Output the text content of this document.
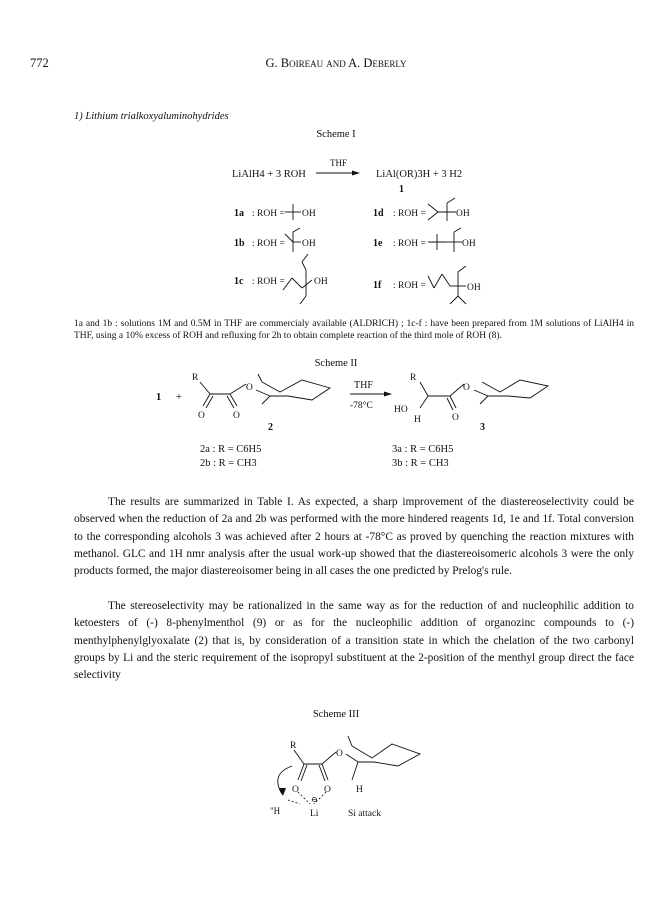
772	G. Boireau and A. Deberly
1) Lithium trialkoxyaluminohydrides
Scheme I
LiAlH4 + 3 ROH
THF
LiAl(OR)3H + 3 H2
1
1a : ROH = OH	1d : ROH =	OH
1b : ROH = OH	1e : ROH =	OH
1c : ROH =	OH	1f : ROH =	OH
1a and 1b : solutions 1M and 0.5M in THF are commercialy available (ALDRICH) ; 1c-f : have been prepared from 1M solutions of LiAlH4 in THF, using a 10% excess of ROH and refluxing for 2h to obtain complete reaction of the third mole of ROH (8).
Scheme II
1 +
R
O
O	O
2
THF
-78°C
R
O
HO
H	O
3
2a : R = C6H5
2b : R = CH3
3a : R = C6H5
3b : R = CH3
The results are summarized in Table I. As expected, a sharp improvement of the diastereoselectivity could be observed when the reduction of 2a and 2b was performed with the more hindered reagents 1d, 1e and 1f. Total conversion to the corresponding alcohols 3 was achieved after 2 hours at -78°C as proved by quenching the reaction mixtures with methanol. GLC and 1H nmr analysis after the usual work-up showed that the diastereoisomeric alcohols 3 were the only products formed, the major diastereoisomer being in all cases the one predicted by Prelog's rule.
The stereoselectivity may be rationalized in the same way as for the reduction of and nucleophilic addition to ketoesters of (-) 8-phenylmenthol (9) or as for the nucleophilic addition of organozinc compounds to (-) menthylphenylglyoxalate (2) that is, by consideration of a transition state in which the chelation of the two carbonyl groups by Li and the steric requirement of the isopropyl substituent at the 2-position of the menthyl group direct the face selectivity
Scheme III
R
O
O	O	H
"H
⊖
Li	Si attack
